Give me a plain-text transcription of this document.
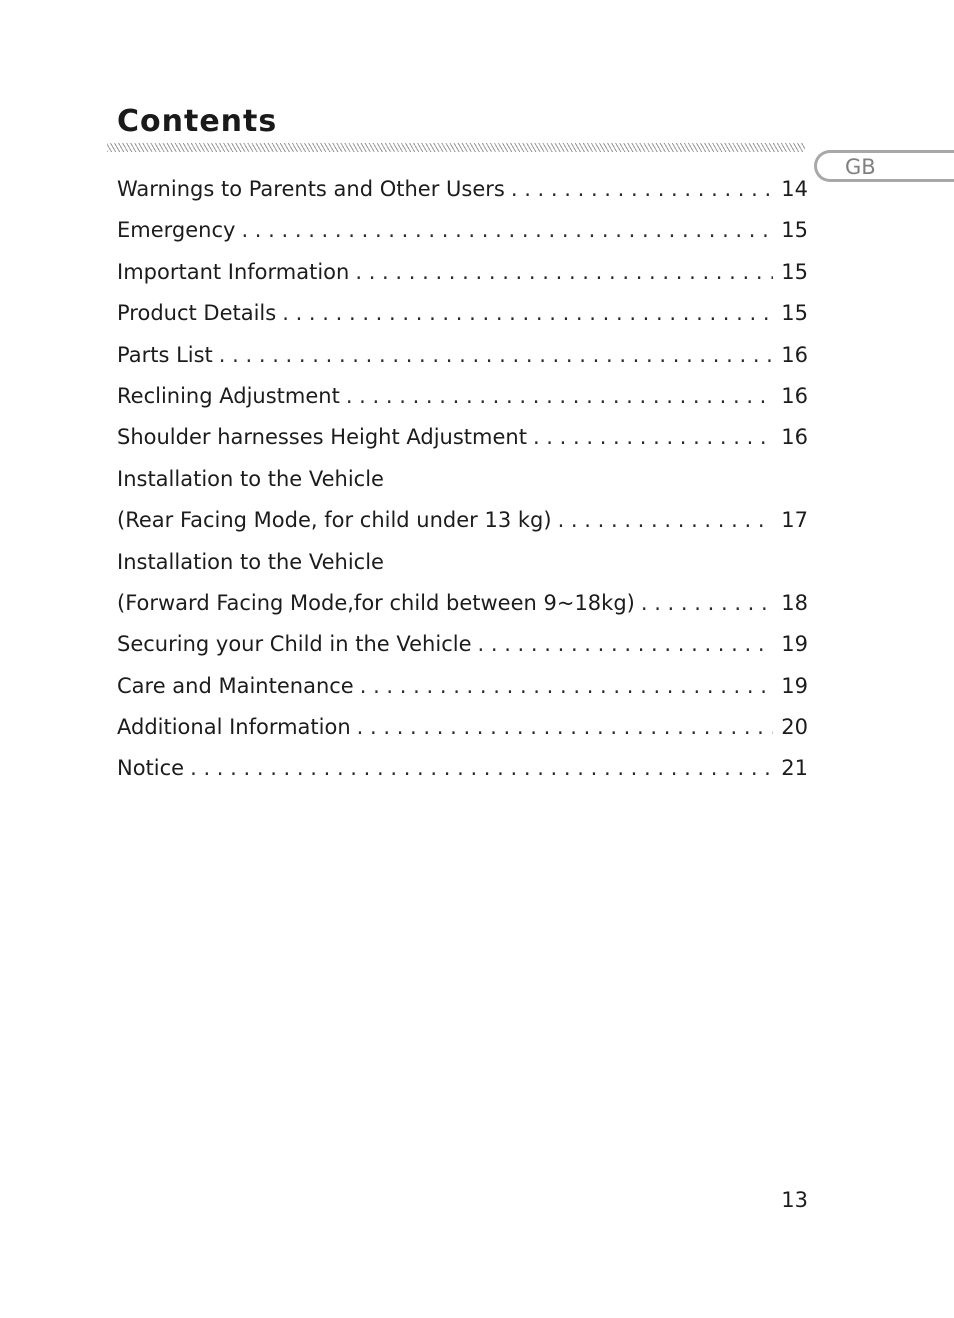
Contents
GB
Warnings to Parents and Other Users . . .	14
Emergency . . .	15
Important Information . . .	15
Product Details . . .	15
Parts List . . .	16
Reclining Adjustment . . .	16
Shoulder harnesses Height Adjustment . . .	16
Installation to the Vehicle
(Rear Facing Mode, for child under 13 kg) . . .	17
Installation to the Vehicle
(Forward Facing Mode,for child between 9~18kg) . . .	18
Securing your Child in the Vehicle . . .	19
Care and Maintenance . . .	19
Additional Information . . .	20
Notice . . .	21
13
